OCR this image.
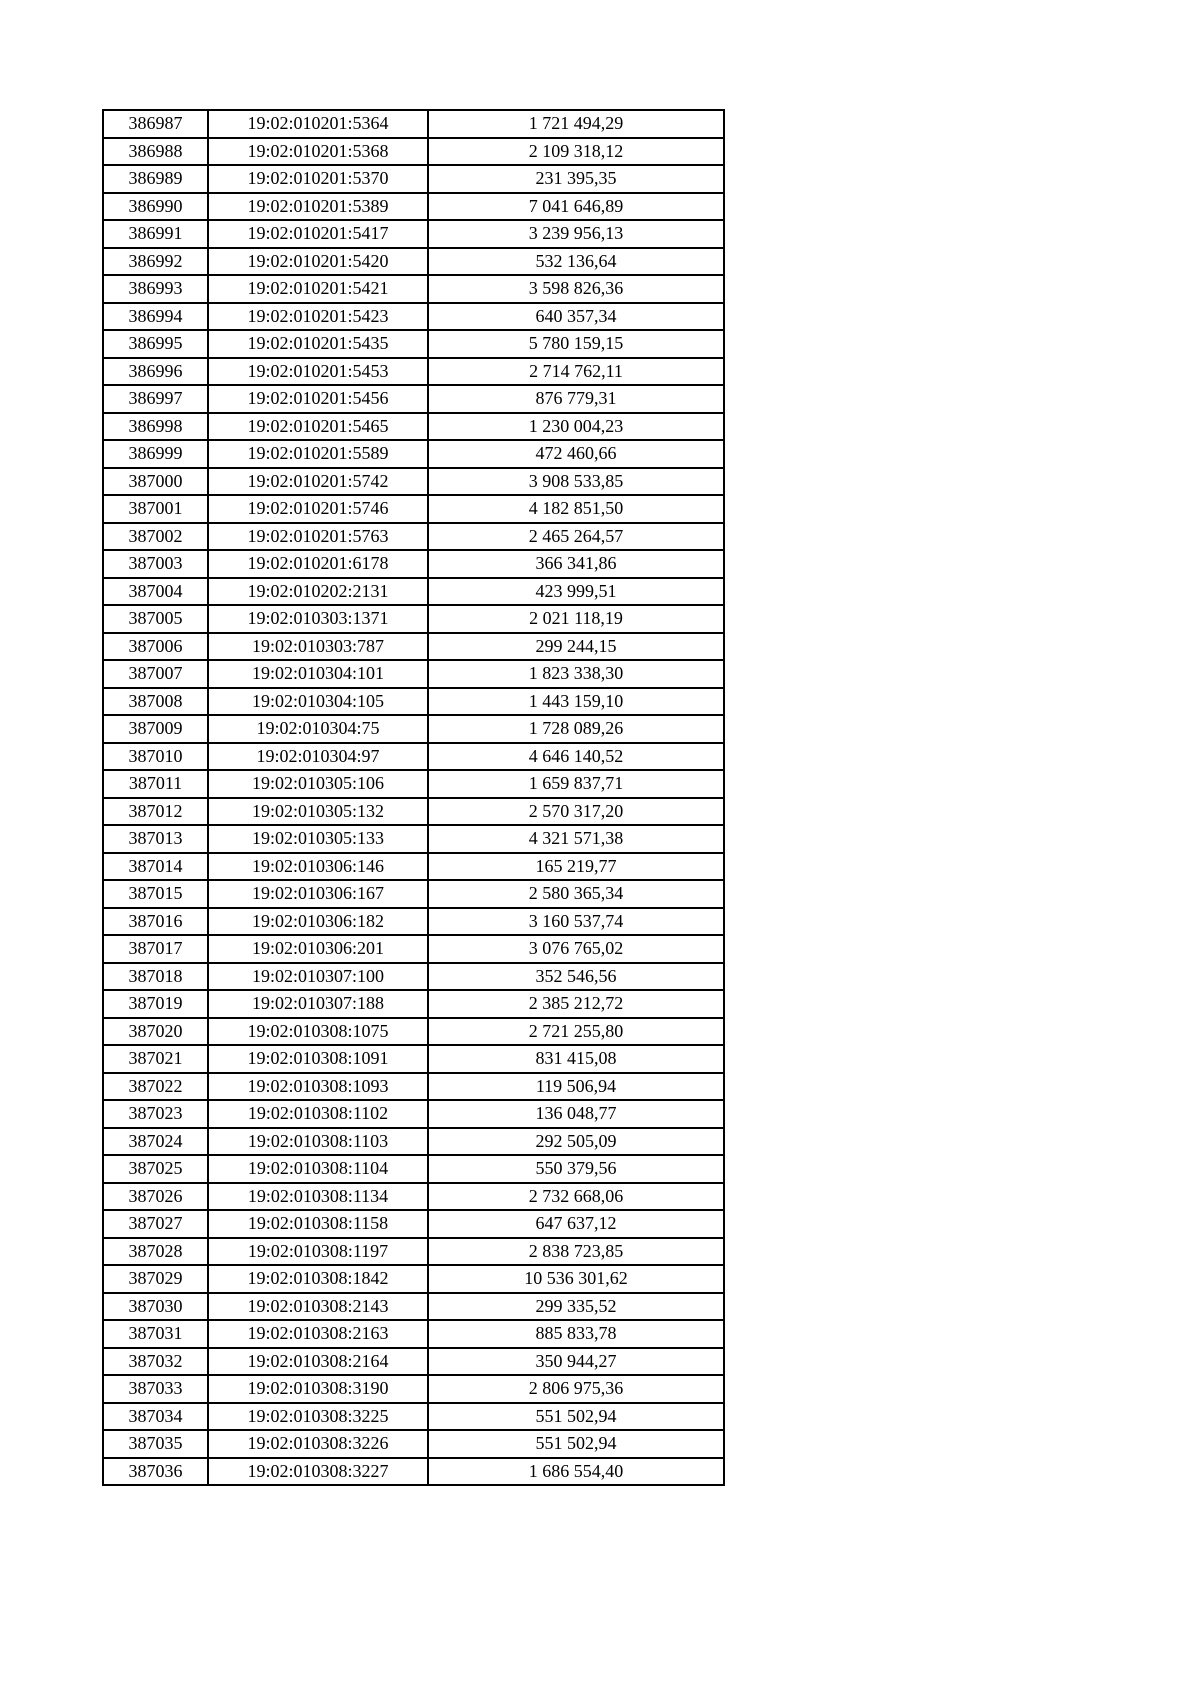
386987	19:02:010201:5364	1 721 494,29
386988	19:02:010201:5368	2 109 318,12
386989	19:02:010201:5370	231 395,35
386990	19:02:010201:5389	7 041 646,89
386991	19:02:010201:5417	3 239 956,13
386992	19:02:010201:5420	532 136,64
386993	19:02:010201:5421	3 598 826,36
386994	19:02:010201:5423	640 357,34
386995	19:02:010201:5435	5 780 159,15
386996	19:02:010201:5453	2 714 762,11
386997	19:02:010201:5456	876 779,31
386998	19:02:010201:5465	1 230 004,23
386999	19:02:010201:5589	472 460,66
387000	19:02:010201:5742	3 908 533,85
387001	19:02:010201:5746	4 182 851,50
387002	19:02:010201:5763	2 465 264,57
387003	19:02:010201:6178	366 341,86
387004	19:02:010202:2131	423 999,51
387005	19:02:010303:1371	2 021 118,19
387006	19:02:010303:787	299 244,15
387007	19:02:010304:101	1 823 338,30
387008	19:02:010304:105	1 443 159,10
387009	19:02:010304:75	1 728 089,26
387010	19:02:010304:97	4 646 140,52
387011	19:02:010305:106	1 659 837,71
387012	19:02:010305:132	2 570 317,20
387013	19:02:010305:133	4 321 571,38
387014	19:02:010306:146	165 219,77
387015	19:02:010306:167	2 580 365,34
387016	19:02:010306:182	3 160 537,74
387017	19:02:010306:201	3 076 765,02
387018	19:02:010307:100	352 546,56
387019	19:02:010307:188	2 385 212,72
387020	19:02:010308:1075	2 721 255,80
387021	19:02:010308:1091	831 415,08
387022	19:02:010308:1093	119 506,94
387023	19:02:010308:1102	136 048,77
387024	19:02:010308:1103	292 505,09
387025	19:02:010308:1104	550 379,56
387026	19:02:010308:1134	2 732 668,06
387027	19:02:010308:1158	647 637,12
387028	19:02:010308:1197	2 838 723,85
387029	19:02:010308:1842	10 536 301,62
387030	19:02:010308:2143	299 335,52
387031	19:02:010308:2163	885 833,78
387032	19:02:010308:2164	350 944,27
387033	19:02:010308:3190	2 806 975,36
387034	19:02:010308:3225	551 502,94
387035	19:02:010308:3226	551 502,94
387036	19:02:010308:3227	1 686 554,40
